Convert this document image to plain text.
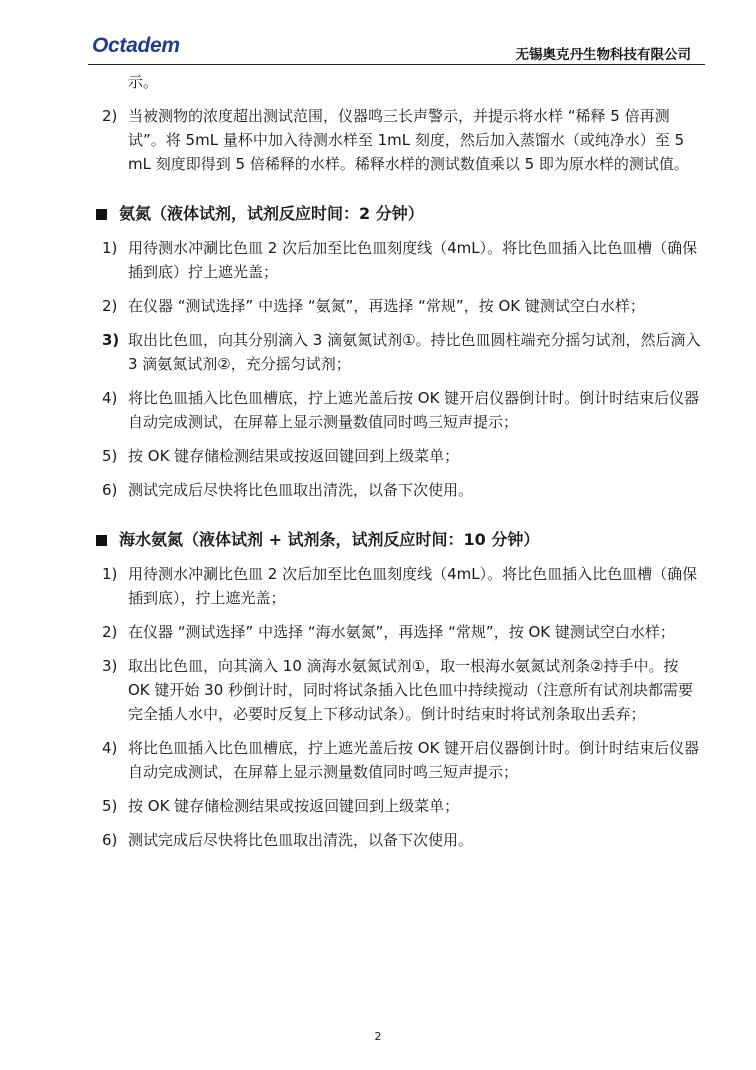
Octadem	无锡奥克丹生物科技有限公司
示。
2) 当被测物的浓度超出测试范围，仪器鸣三长声警示，并提示将水样 “稀释 5 倍再测试”。将 5mL 量杯中加入待测水样至 1mL 刻度，然后加入蒸馏水（或纯净水）至 5 mL 刻度即得到 5 倍稀释的水样。稀释水样的测试数值乘以 5 即为原水样的测试值。
氨氮（液体试剂，试剂反应时间：2 分钟）
1) 用待测水冲涮比色皿 2 次后加至比色皿刻度线（4mL）。将比色皿插入比色皿槽（确保插到底）拧上遮光盖；
2) 在仪器 “测试选择” 中选择 “氨氮”，再选择 “常规”，按 OK 键测试空白水样；
3) 取出比色皿，向其分别滴入 3 滴氨氮试剂①。持比色皿圆柱端充分摇匀试剂，然后滴入 3 滴氨氮试剂②，充分摇匀试剂；
4) 将比色皿插入比色皿槽底，拧上遮光盖后按 OK 键开启仪器倒计时。倒计时结束后仪器自动完成测试，在屏幕上显示测量数值同时鸣三短声提示；
5) 按 OK 键存储检测结果或按返回键回到上级菜单；
6) 测试完成后尽快将比色皿取出清洗，以备下次使用。
海水氨氮（液体试剂 + 试剂条，试剂反应时间：10 分钟）
1) 用待测水冲涮比色皿 2 次后加至比色皿刻度线（4mL）。将比色皿插入比色皿槽（确保插到底），拧上遮光盖；
2) 在仪器 “测试选择” 中选择 “海水氨氮”，再选择 “常规”，按 OK 键测试空白水样；
3) 取出比色皿，向其滴入 10 滴海水氨氮试剂①，取一根海水氨氮试剂条②持手中。按 OK 键开始 30 秒倒计时，同时将试条插入比色皿中持续搅动（注意所有试剂块都需要完全插人水中，必要时反复上下移动试条）。倒计时结束时将试剂条取出丢弃；
4) 将比色皿插入比色皿槽底，拧上遮光盖后按 OK 键开启仪器倒计时。倒计时结束后仪器自动完成测试，在屏幕上显示测量数值同时鸣三短声提示；
5) 按 OK 键存储检测结果或按返回键回到上级菜单；
6) 测试完成后尽快将比色皿取出清洗，以备下次使用。
2
